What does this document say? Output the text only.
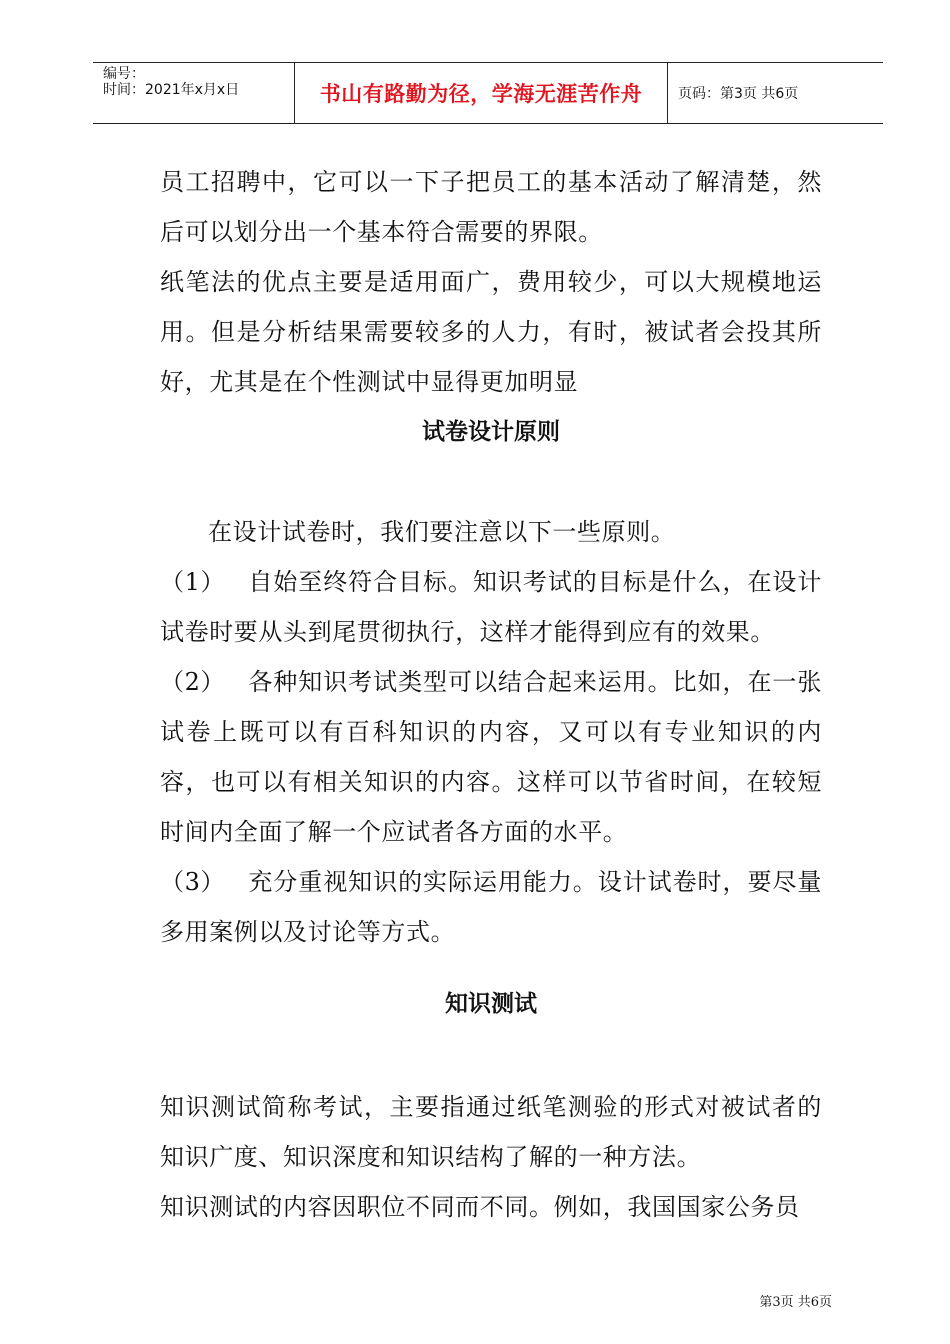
编号：
时间：2021年x月x日	书山有路勤为径，学海无涯苦作舟	页码：第3页 共6页

员工招聘中，它可以一下子把员工的基本活动了解清楚，然后可以划分出一个基本符合需要的界限。

纸笔法的优点主要是适用面广，费用较少，可以大规模地运用。但是分析结果需要较多的人力，有时，被试者会投其所好，尤其是在个性测试中显得更加明显

试卷设计原则

在设计试卷时，我们要注意以下一些原则。

（1） 自始至终符合目标。知识考试的目标是什么，在设计试卷时要从头到尾贯彻执行，这样才能得到应有的效果。

（2） 各种知识考试类型可以结合起来运用。比如，在一张试卷上既可以有百科知识的内容，又可以有专业知识的内容，也可以有相关知识的内容。这样可以节省时间，在较短时间内全面了解一个应试者各方面的水平。

（3） 充分重视知识的实际运用能力。设计试卷时，要尽量多用案例以及讨论等方式。

知识测试

知识测试简称考试，主要指通过纸笔测验的形式对被试者的知识广度、知识深度和知识结构了解的一种方法。

知识测试的内容因职位不同而不同。例如，我国国家公务员

第3页 共6页
